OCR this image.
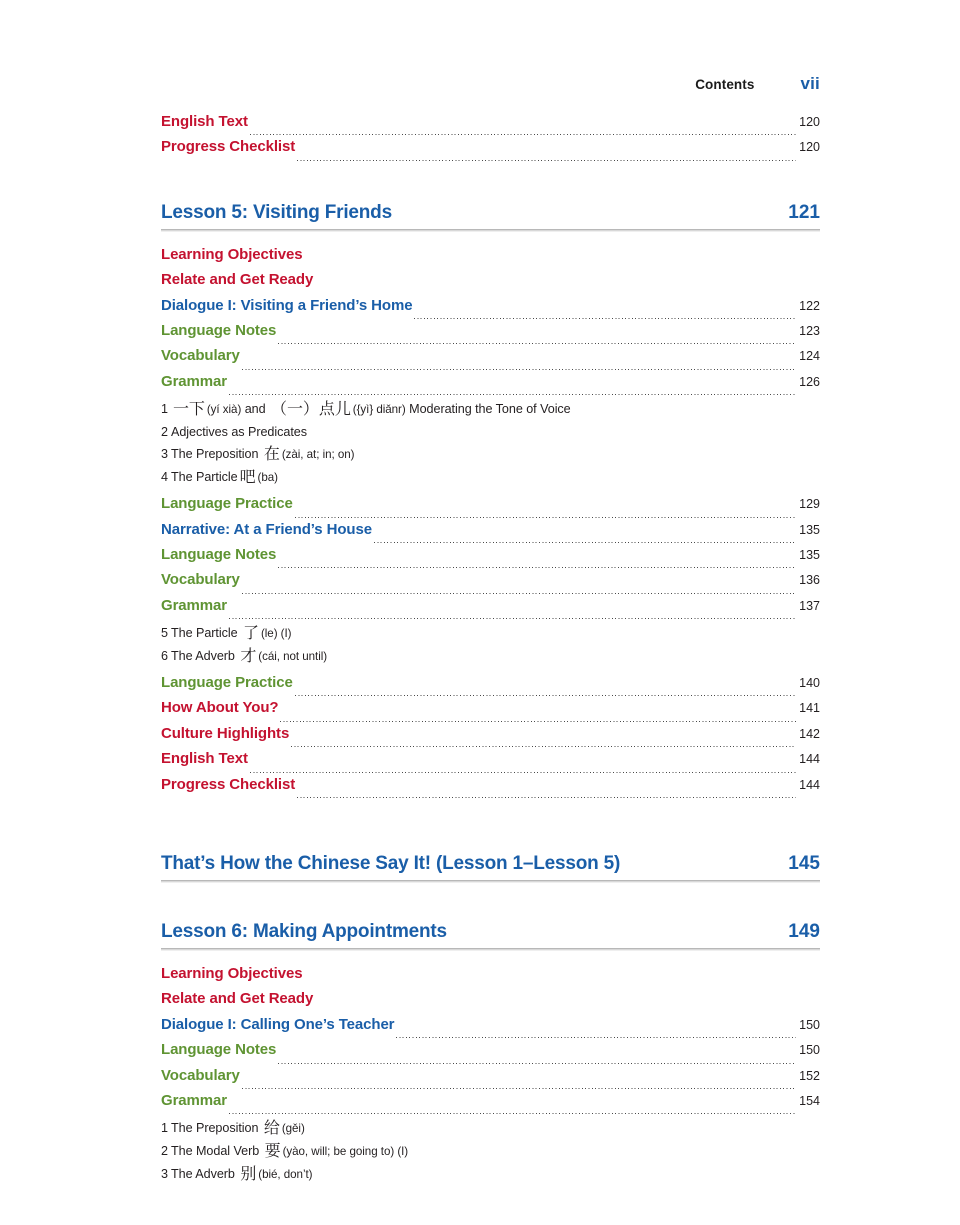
Contents	vii
English Text	120
Progress Checklist	120
Lesson 5: Visiting Friends	121
Learning Objectives
Relate and Get Ready
Dialogue I: Visiting a Friend’s Home	122
Language Notes	123
Vocabulary	124
Grammar	126
1 一下 (yí xià) and （一）点儿 ({yì} diǎnr) Moderating the Tone of Voice
2 Adjectives as Predicates
3 The Preposition 在 (zài, at; in; on)
4 The Particle 吧 (ba)
Language Practice	129
Narrative: At a Friend’s House	135
Language Notes	135
Vocabulary	136
Grammar	137
5 The Particle 了 (le) (I)
6 The Adverb 才 (cái, not until)
Language Practice	140
How About You?	141
Culture Highlights	142
English Text	144
Progress Checklist	144
That’s How the Chinese Say It! (Lesson 1–Lesson 5)	145
Lesson 6: Making Appointments	149
Learning Objectives
Relate and Get Ready
Dialogue I: Calling One’s Teacher	150
Language Notes	150
Vocabulary	152
Grammar	154
1 The Preposition 给 (gěi)
2 The Modal Verb 要 (yào, will; be going to) (I)
3 The Adverb 别 (bié, don’t)
